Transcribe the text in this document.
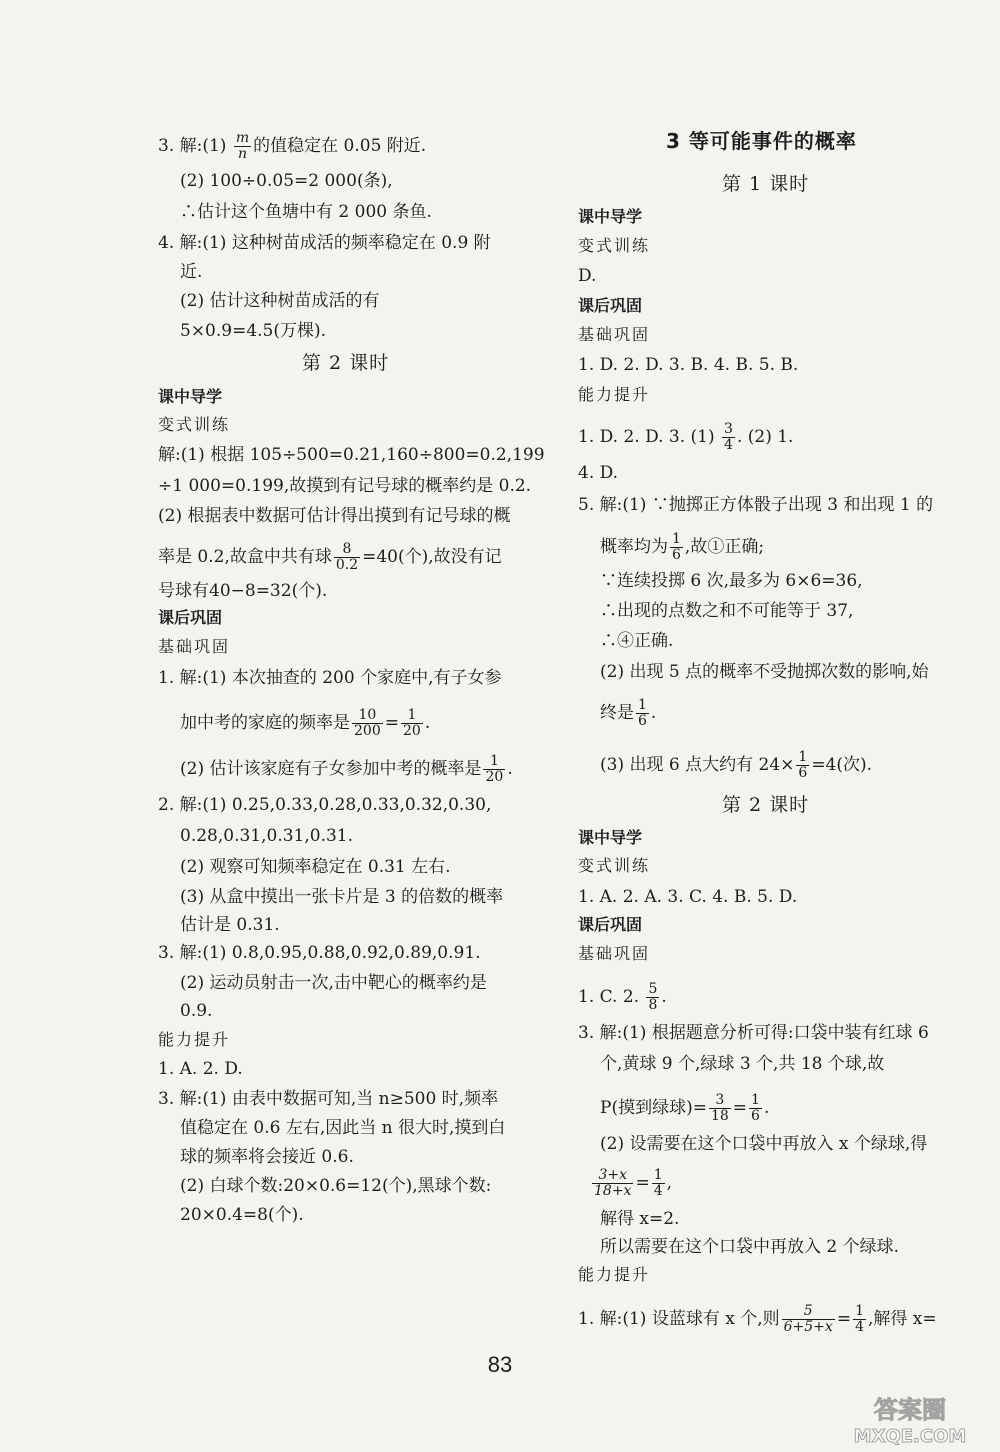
3. 解:(1) $\frac{m}{n}$ 的值稳定在 0.05 附近.
(2) 100÷0.05=2 000(条),
∴估计这个鱼塘中有 2 000 条鱼.
4. 解:(1) 这种树苗成活的频率稳定在 0.9 附
近.
(2) 估计这种树苗成活的有
5×0.9=4.5(万棵).
第 2 课时
课中导学
变式训练
解:(1) 根据 105÷500=0.21,160÷800=0.2,199
÷1 000=0.199,故摸到有记号球的概率约是 0.2.
(2) 根据表中数据可估计得出摸到有记号球的概
率是 0.2,故盒中共有球 $\frac{8}{0.2} =40$(个),故没有记
号球有40−8=32(个).
课后巩固
基础巩固
1. 解:(1) 本次抽查的 200 个家庭中,有子女参
加中考的家庭的频率是 $\frac{10}{200} = \frac{1}{20}$ .
(2) 估计该家庭有子女参加中考的概率是 $\frac{1}{20}$ .
2. 解:(1) 0.25,0.33,0.28,0.33,0.32,0.30,
0.28,0.31,0.31,0.31.
(2) 观察可知频率稳定在 0.31 左右.
(3) 从盒中摸出一张卡片是 3 的倍数的概率
估计是 0.31.
3. 解:(1) 0.8,0.95,0.88,0.92,0.89,0.91.
(2) 运动员射击一次,击中靶心的概率约是
0.9.
能力提升
1. A. 2. D.
3. 解:(1) 由表中数据可知,当 n≥500 时,频率
值稳定在 0.6 左右,因此当 n 很大时,摸到白
球的频率将会接近 0.6.
(2) 白球个数:20×0.6=12(个),黑球个数:
20×0.4=8(个).
3 等可能事件的概率
第 1 课时
课中导学
变式训练
D.
课后巩固
基础巩固
1. D. 2. D. 3. B. 4. B. 5. B.
能力提升
1. D. 2. D. 3. $(1) \frac{3}{4}$ . (2) 1.
4. D.
5. 解:(1) ∵抛掷正方体骰子出现 3 和出现 1 的
概率均为 $\frac{1}{6}$ ,故①正确;
∵连续投掷 6 次,最多为 6×6=36,
∴出现的点数之和不可能等于 37,
∴④正确.
(2) 出现 5 点的概率不受抛掷次数的影响,始
终是 $\frac{1}{6}$ .
(3) 出现 6 点大约有 $24\times \frac{1}{6} =4$(次).
第 2 课时
课中导学
变式训练
1. A. 2. A. 3. C. 4. B. 5. D.
课后巩固
基础巩固
1. C. 2. $\frac{5}{8}$ .
3. 解:(1) 根据题意分析可得:口袋中装有红球 6
个,黄球 9 个,绿球 3 个,共 18 个球,故
P(摸到绿球)= $\frac{3}{18} = \frac{1}{6}$ .
(2) 设需要在这个口袋中再放入 x 个绿球,得
$\frac{3+x}{18+x} = \frac{1}{4}$ ,
解得 x=2.
所以需要在这个口袋中再放入 2 个绿球.
能力提升
1. 解:(1) 设蓝球有 x 个,则 $\frac{5}{6+5+x} = \frac{1}{4}$ ,解得 x=
83
答案圈
MXQE.COM
